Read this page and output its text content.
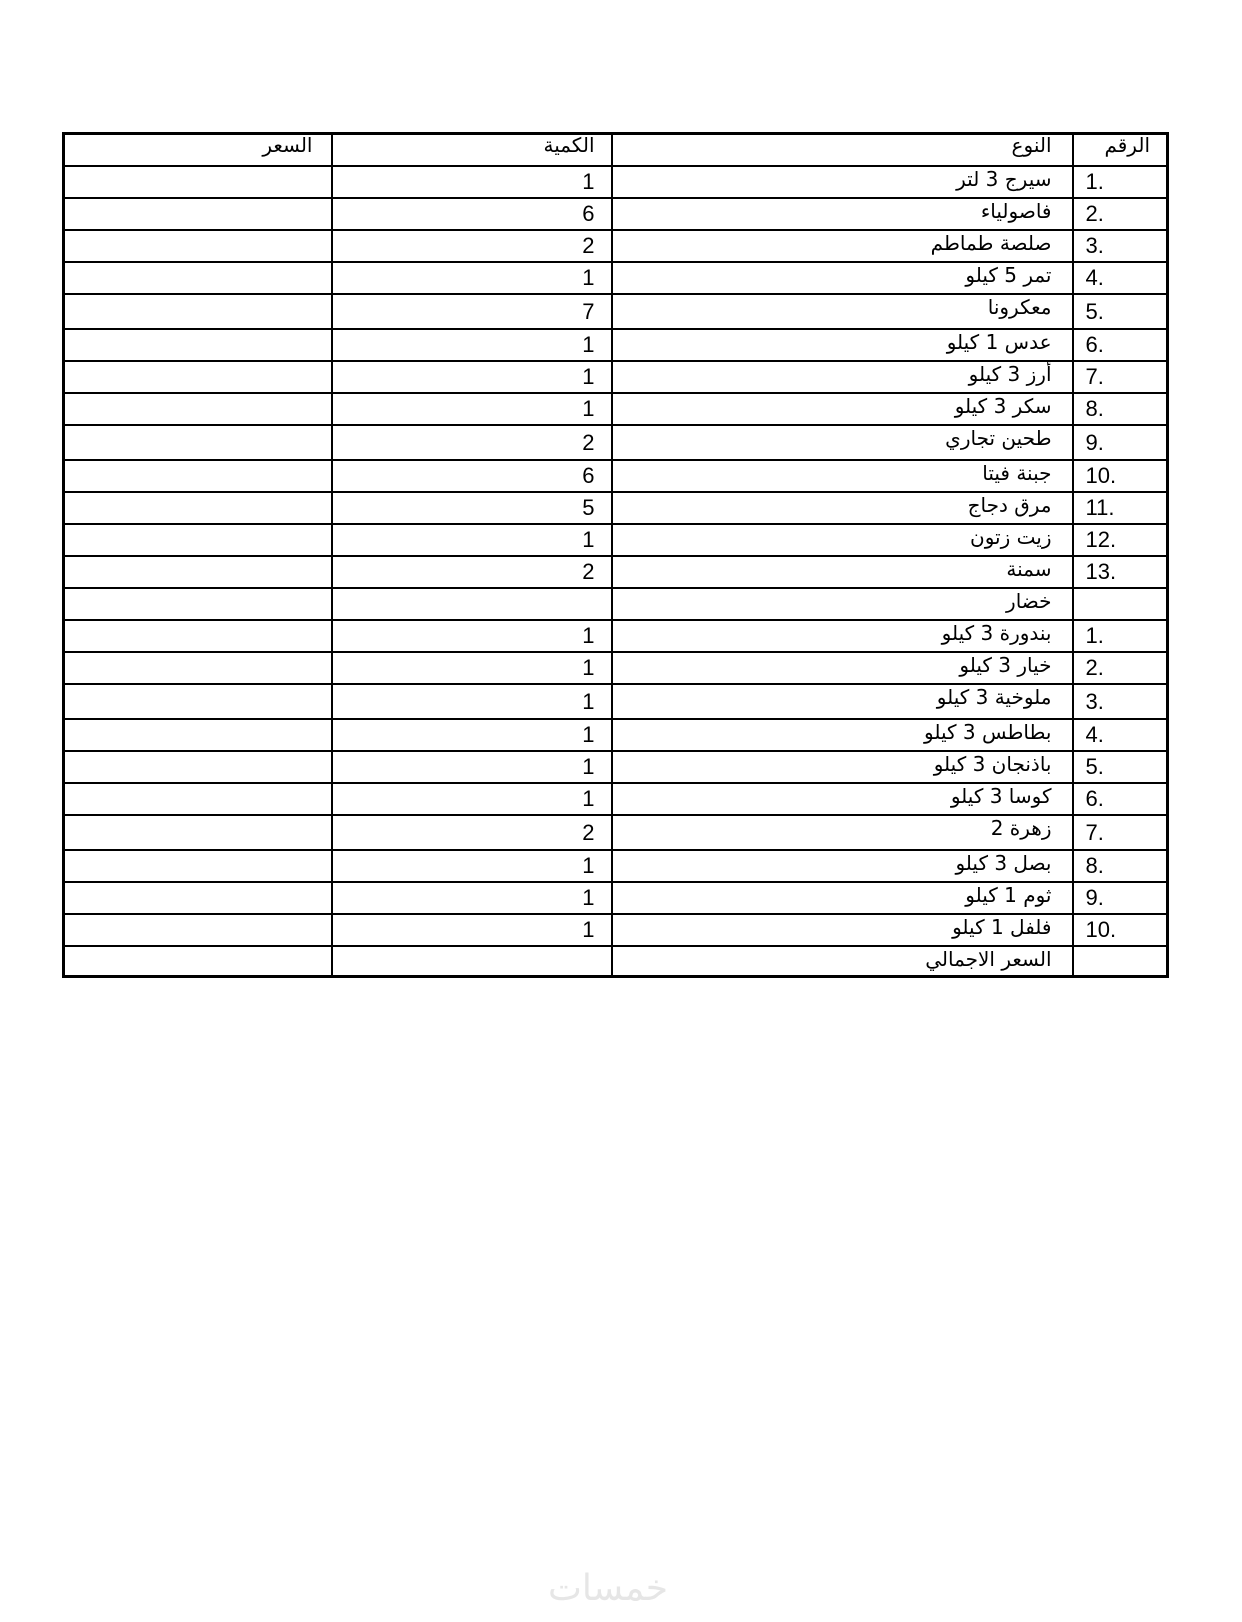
السعر	الكمية	النوع	الرقم
	1	سيرج 3 لتر	1.
	6	فاصولياء	2.
	2	صلصة طماطم	3.
	1	تمر 5 كيلو	4.
	7	معكرونا	5.
	1	عدس 1 كيلو	6.
	1	أرز 3 كيلو	7.
	1	سكر 3 كيلو	8.
	2	طحين تجاري	9.
	6	جبنة فيتا	10.
	5	مرق دجاج	11.
	1	زيت زتون	12.
	2	سمنة	13.
		خضار	
	1	بندورة 3 كيلو	1.
	1	خيار 3 كيلو	2.
	1	ملوخية 3 كيلو	3.
	1	بطاطس 3 كيلو	4.
	1	باذنجان 3 كيلو	5.
	1	كوسا 3 كيلو	6.
	2	زهرة 2	7.
	1	بصل 3 كيلو	8.
	1	ثوم 1 كيلو	9.
	1	فلفل 1 كيلو	10.
		السعر الاجمالي	
خمسات
